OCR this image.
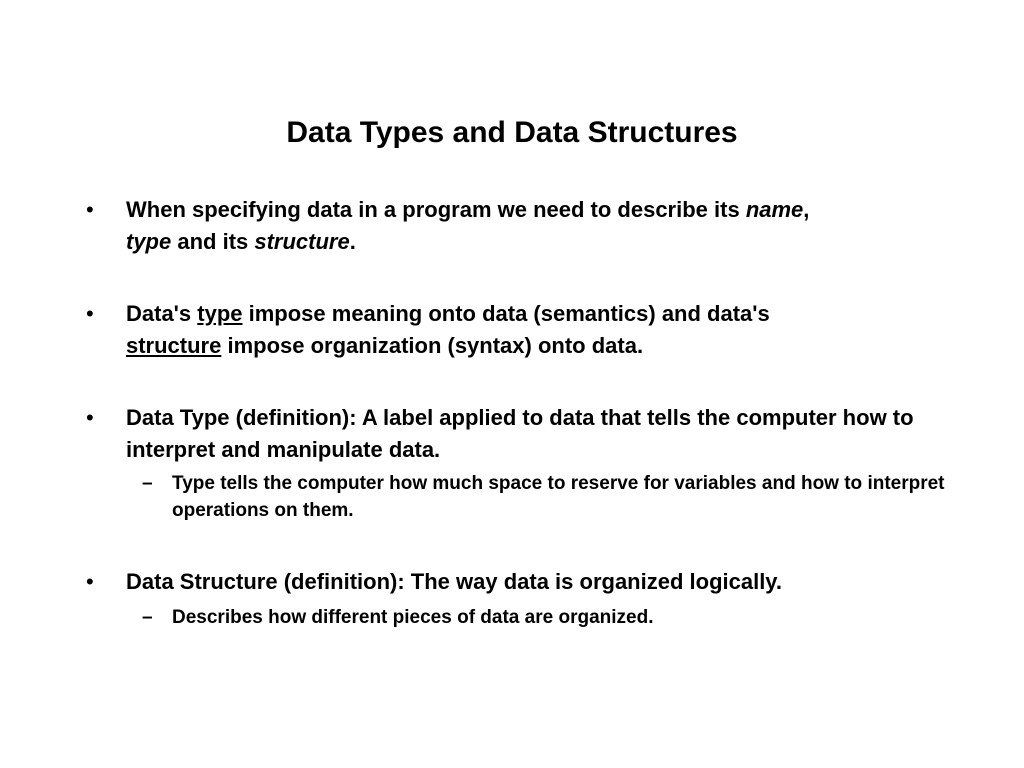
Data Types and Data Structures
• When specifying data in a program we need to describe its name,
type and its structure.

• Data's type impose meaning onto data (semantics) and data's
structure impose organization (syntax) onto data.

• Data Type (definition): A label applied to data that tells the computer how to interpret and manipulate data.

– Type tells the computer how much space to reserve for variables and how to interpret operations on them.

• Data Structure (definition): The way data is organized logically.

– Describes how different pieces of data are organized.
